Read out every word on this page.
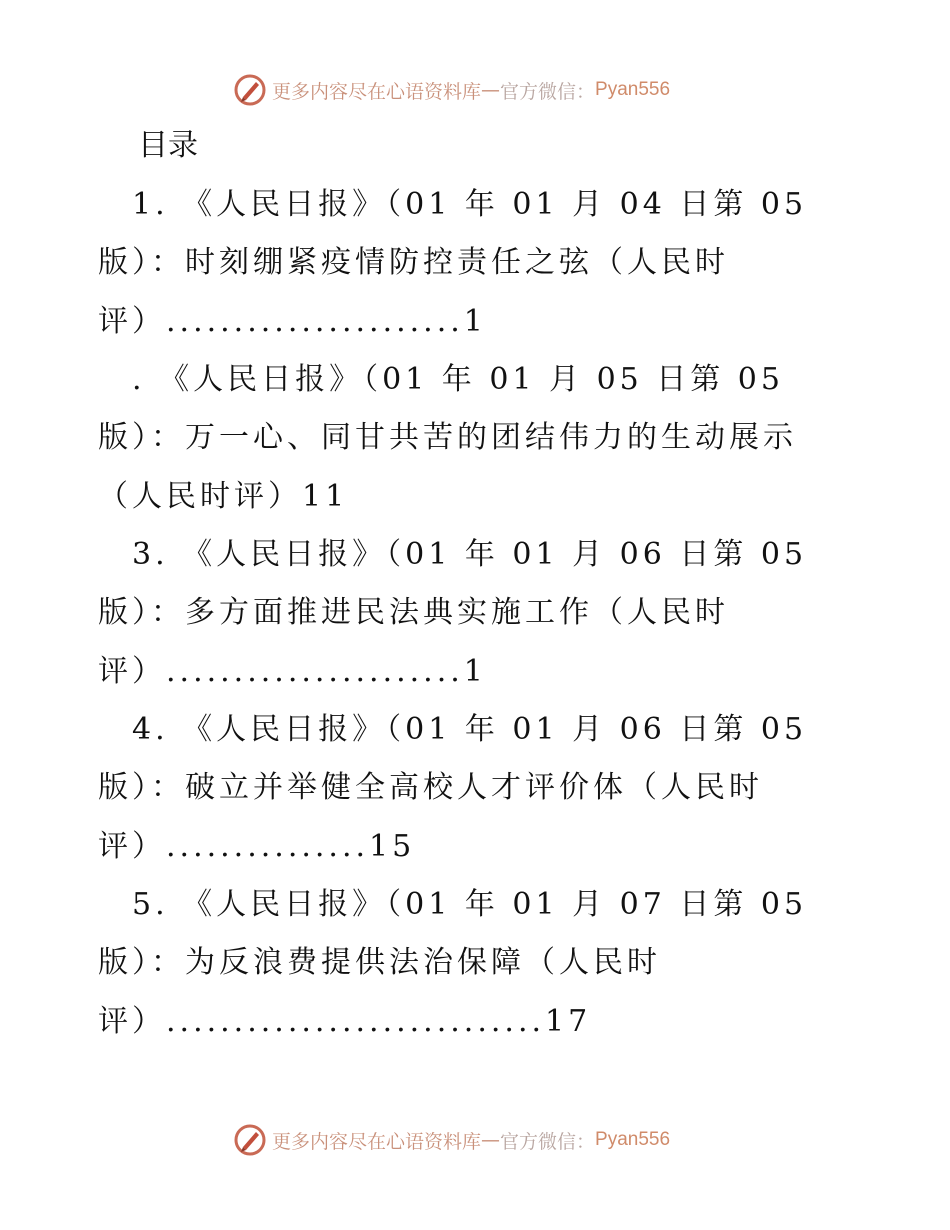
更多内容尽在心语资料库 — 官方微信： Pyan556
目录
1. 《人民日报》（01 年 01 月 04 日第 05
版）：时刻绷紧疫情防控责任之弦（人民时
评）......................1
. 《人民日报》（01 年 01 月 05 日第 05
版）：万一心、同甘共苦的团结伟力的生动展示
（人民时评）11
3. 《人民日报》（01 年 01 月 06 日第 05
版）：多方面推进民法典实施工作（人民时
评）......................1
4. 《人民日报》（01 年 01 月 06 日第 05
版）：破立并举健全高校人才评价体（人民时
评）...............15
5. 《人民日报》（01 年 01 月 07 日第 05
版）：为反浪费提供法治保障（人民时
评）............................17
更多内容尽在心语资料库 — 官方微信： Pyan556
